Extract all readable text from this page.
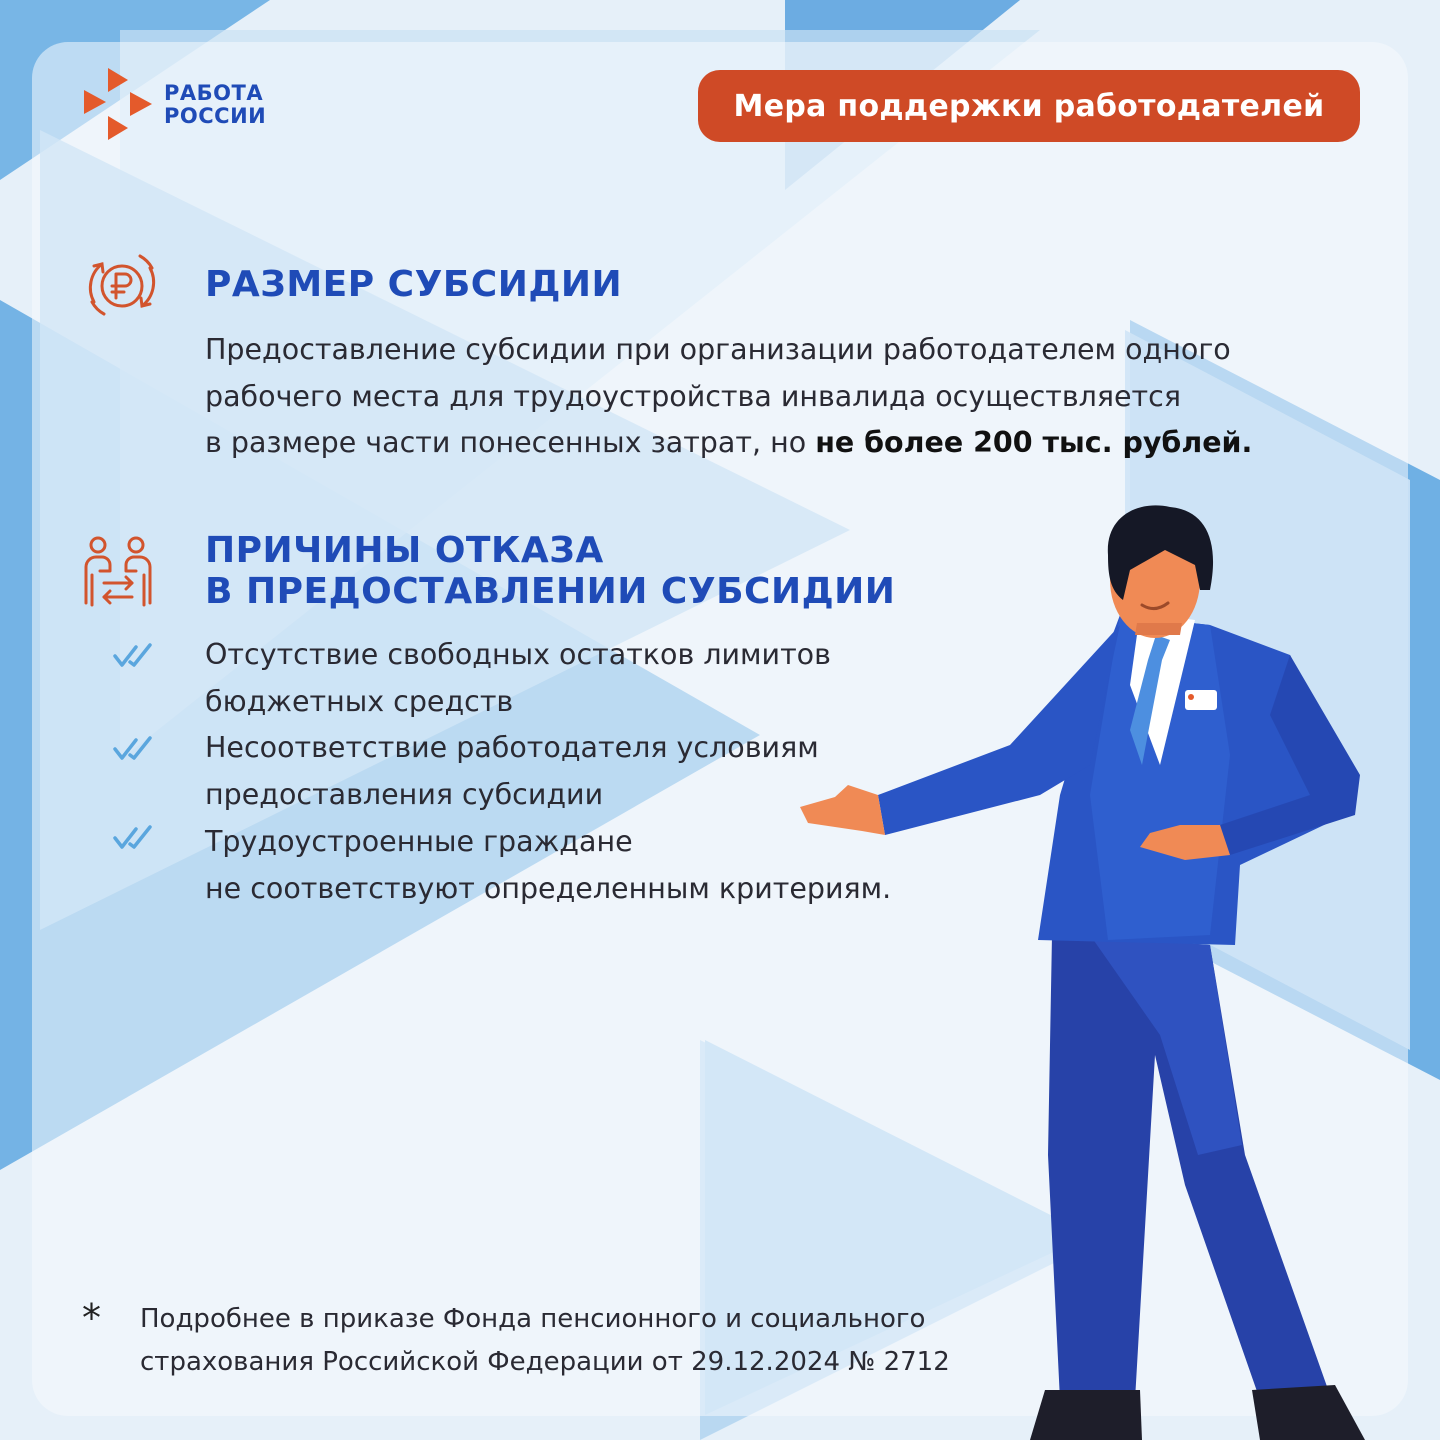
РАБОТА
РОССИИ	Мера поддержки работодателей
РАЗМЕР СУБСИДИИ
Предоставление субсидии при организации работодателем одного
рабочего места для трудоустройства инвалида осуществляется
в размере части понесенных затрат, но не более 200 тыс. рублей.
ПРИЧИНЫ ОТКАЗА
В ПРЕДОСТАВЛЕНИИ СУБСИДИИ
Отсутствие свободных остатков лимитов
бюджетных средств
Несоответствие работодателя условиям
предоставления субсидии
Трудоустроенные граждане
не соответствуют определенным критериям.
* Подробнее в приказе Фонда пенсионного и социального
страхования Российской Федерации от 29.12.2024 № 2712
